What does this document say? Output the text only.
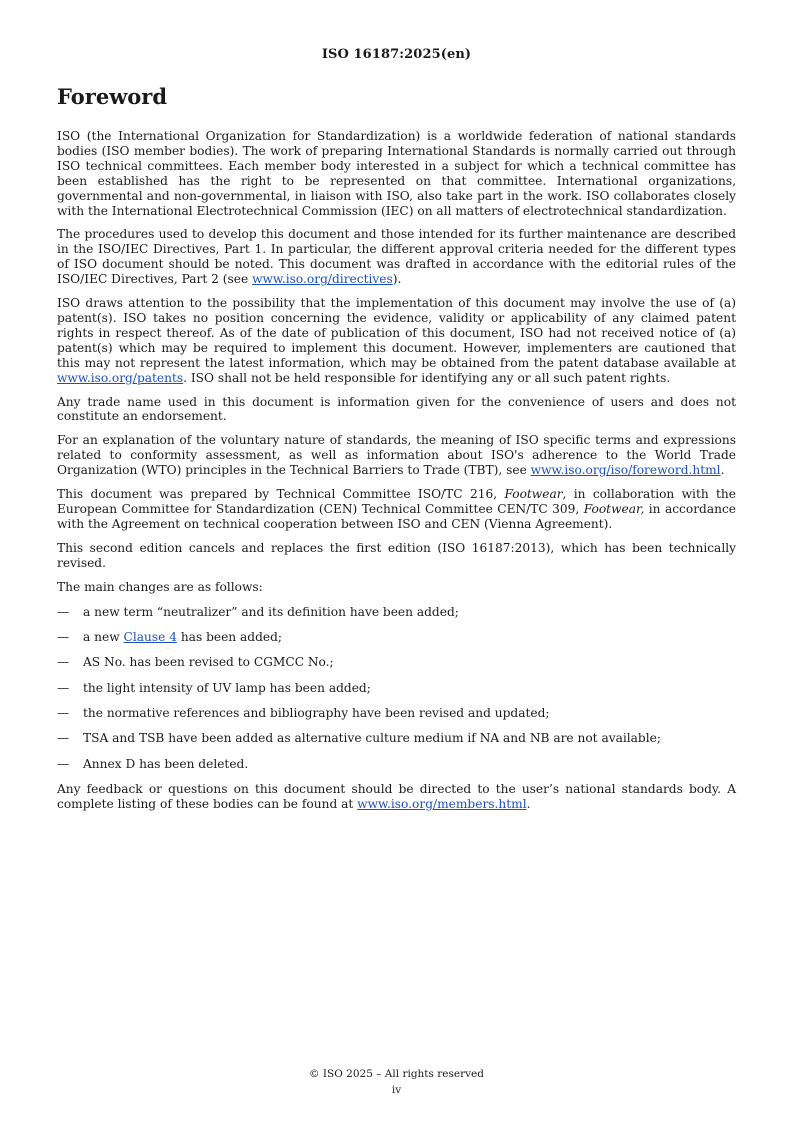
ISO 16187:2025(en)
Foreword

ISO (the International Organization for Standardization) is a worldwide federation of national standards bodies (ISO member bodies). The work of preparing International Standards is normally carried out through ISO technical committees. Each member body interested in a subject for which a technical committee has been established has the right to be represented on that committee. International organizations, governmental and non-governmental, in liaison with ISO, also take part in the work. ISO collaborates closely with the International Electrotechnical Commission (IEC) on all matters of electrotechnical standardization.

The procedures used to develop this document and those intended for its further maintenance are described in the ISO/IEC Directives, Part 1. In particular, the different approval criteria needed for the different types of ISO document should be noted. This document was drafted in accordance with the editorial rules of the ISO/IEC Directives, Part 2 (see www.iso.org/directives).

ISO draws attention to the possibility that the implementation of this document may involve the use of (a) patent(s). ISO takes no position concerning the evidence, validity or applicability of any claimed patent rights in respect thereof. As of the date of publication of this document, ISO had not received notice of (a) patent(s) which may be required to implement this document. However, implementers are cautioned that this may not represent the latest information, which may be obtained from the patent database available at www.iso.org/patents. ISO shall not be held responsible for identifying any or all such patent rights.

Any trade name used in this document is information given for the convenience of users and does not constitute an endorsement.

For an explanation of the voluntary nature of standards, the meaning of ISO specific terms and expressions related to conformity assessment, as well as information about ISO's adherence to the World Trade Organization (WTO) principles in the Technical Barriers to Trade (TBT), see www.iso.org/iso/foreword.html.

This document was prepared by Technical Committee ISO/TC 216, Footwear, in collaboration with the European Committee for Standardization (CEN) Technical Committee CEN/TC 309, Footwear, in accordance with the Agreement on technical cooperation between ISO and CEN (Vienna Agreement).

This second edition cancels and replaces the first edition (ISO 16187:2013), which has been technically revised.

The main changes are as follows:

— a new term “neutralizer” and its definition have been added;
— a new Clause 4 has been added;
— AS No. has been revised to CGMCC No.;
— the light intensity of UV lamp has been added;
— the normative references and bibliography have been revised and updated;
— TSA and TSB have been added as alternative culture medium if NA and NB are not available;
— Annex D has been deleted.

Any feedback or questions on this document should be directed to the user’s national standards body. A complete listing of these bodies can be found at www.iso.org/members.html.

© ISO 2025 – All rights reserved
iv
